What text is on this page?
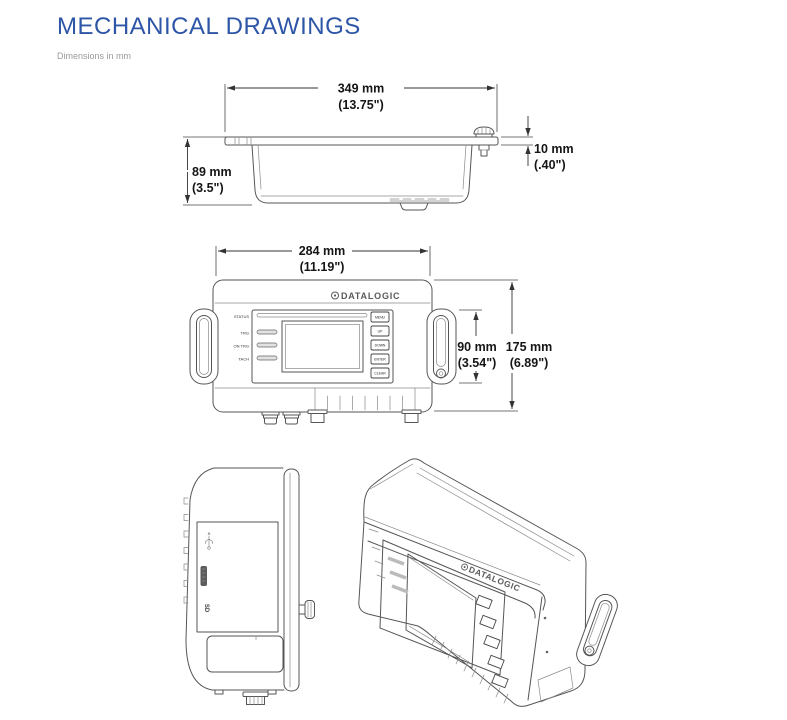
MECHANICAL DRAWINGS
Dimensions in mm
349 mm
(13.75")
89 mm
(3.5")
10 mm
(.40")
DATALOGIC
STATUS
TRG
ON TRG
TACH
MENU
UP
DOWN
ENTER
CLEAR
284 mm
(11.19")
90 mm
(3.54")
175 mm
(6.89")
SD
DATALOGIC
